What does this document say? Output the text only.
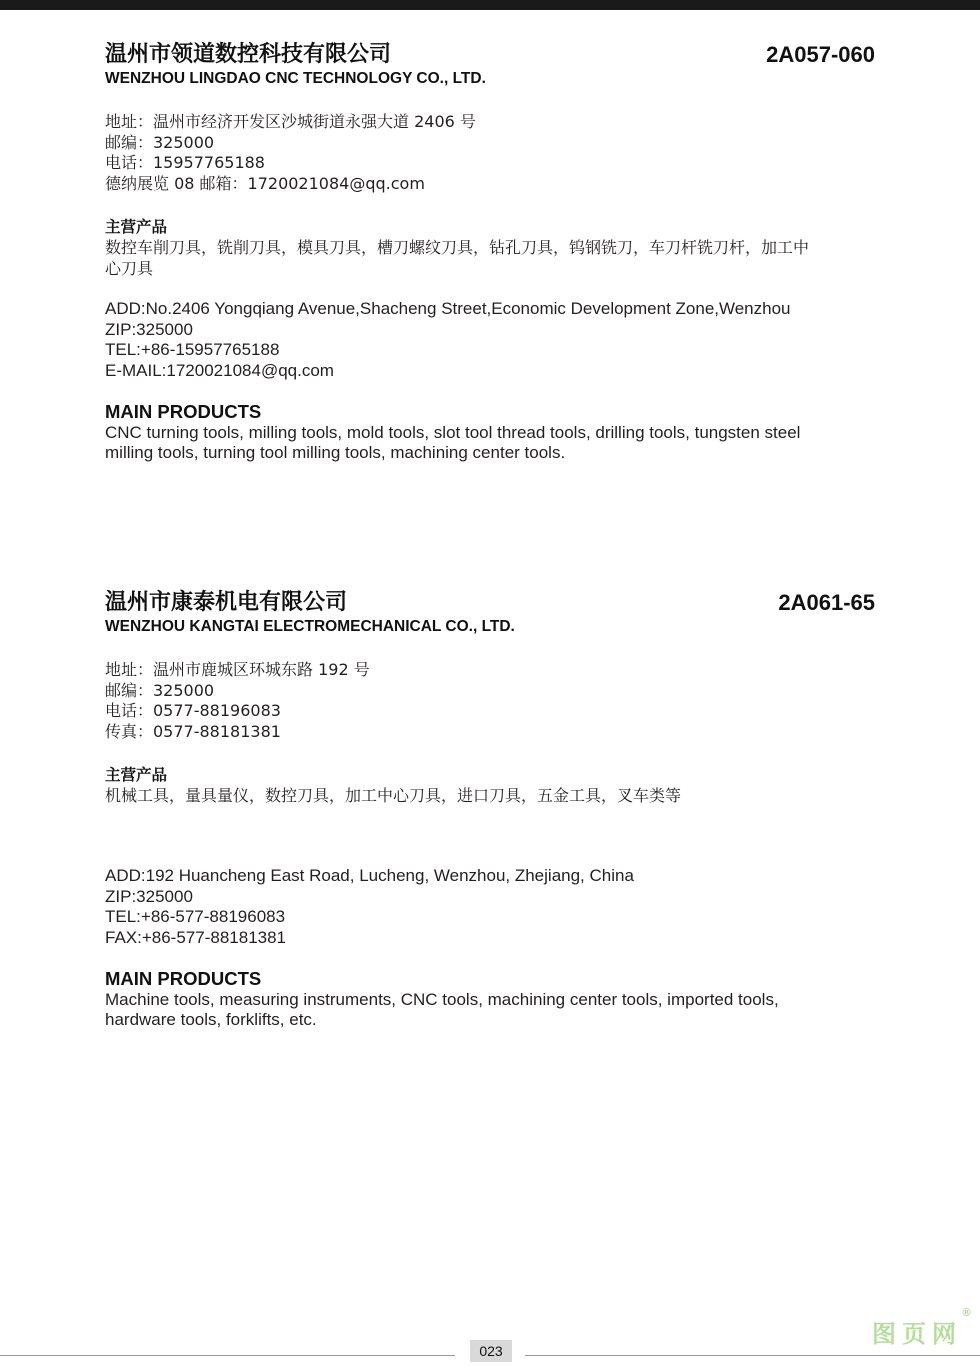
温州市领道数控科技有限公司	2A057-060
WENZHOU LINGDAO CNC TECHNOLOGY CO., LTD.
地址：温州市经济开发区沙城街道永强大道 2406 号
邮编：325000
电话：15957765188
德纳展览 08 邮箱：1720021084@qq.com
主营产品
数控车削刀具，铣削刀具，模具刀具，槽刀螺纹刀具，钻孔刀具，钨钢铣刀，车刀杆铣刀杆，加工中
心刀具
ADD:No.2406 Yongqiang Avenue,Shacheng Street,Economic Development Zone,Wenzhou
ZIP:325000
TEL:+86-15957765188
E-MAIL:1720021084@qq.com
MAIN PRODUCTS
CNC turning tools, milling tools, mold tools, slot tool thread tools, drilling tools, tungsten steel
milling tools, turning tool milling tools, machining center tools.
温州市康泰机电有限公司	2A061-65
WENZHOU KANGTAI ELECTROMECHANICAL CO., LTD.
地址：温州市鹿城区环城东路 192 号
邮编：325000
电话：0577-88196083
传真：0577-88181381
主营产品
机械工具，量具量仪，数控刀具，加工中心刀具，进口刀具，五金工具，叉车类等
ADD:192 Huancheng East Road, Lucheng, Wenzhou, Zhejiang, China
ZIP:325000
TEL:+86-577-88196083
FAX:+86-577-88181381
MAIN PRODUCTS
Machine tools, measuring instruments, CNC tools, machining center tools, imported tools,
hardware tools, forklifts, etc.
023
图页网
®
